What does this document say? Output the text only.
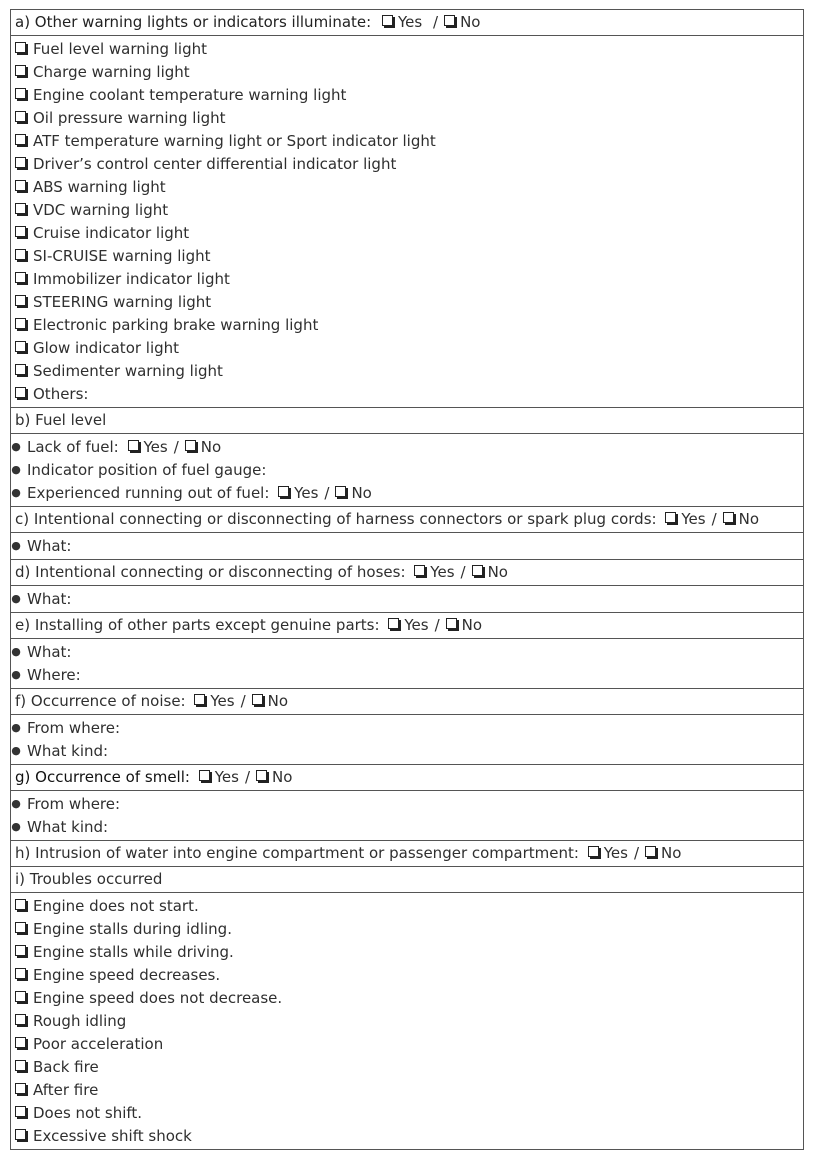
a) Other warning lights or indicators illuminate: Yes / No

Fuel level warning light
Charge warning light
Engine coolant temperature warning light
Oil pressure warning light
ATF temperature warning light or Sport indicator light
Driver’s control center differential indicator light
ABS warning light
VDC warning light
Cruise indicator light
SI-CRUISE warning light
Immobilizer indicator light
STEERING warning light
Electronic parking brake warning light
Glow indicator light
Sedimenter warning light
Others:

b) Fuel level

● Lack of fuel: Yes / No
● Indicator position of fuel gauge:
● Experienced running out of fuel: Yes / No

c) Intentional connecting or disconnecting of harness connectors or spark plug cords: Yes / No

● What:

d) Intentional connecting or disconnecting of hoses: Yes / No

● What:

e) Installing of other parts except genuine parts: Yes / No

● What:
● Where:

f) Occurrence of noise: Yes / No

● From where:
● What kind:

g) Occurrence of smell: Yes / No

● From where:
● What kind:

h) Intrusion of water into engine compartment or passenger compartment: Yes / No
i) Troubles occurred

Engine does not start.
Engine stalls during idling.
Engine stalls while driving.
Engine speed decreases.
Engine speed does not decrease.
Rough idling
Poor acceleration
Back fire
After fire
Does not shift.
Excessive shift shock
